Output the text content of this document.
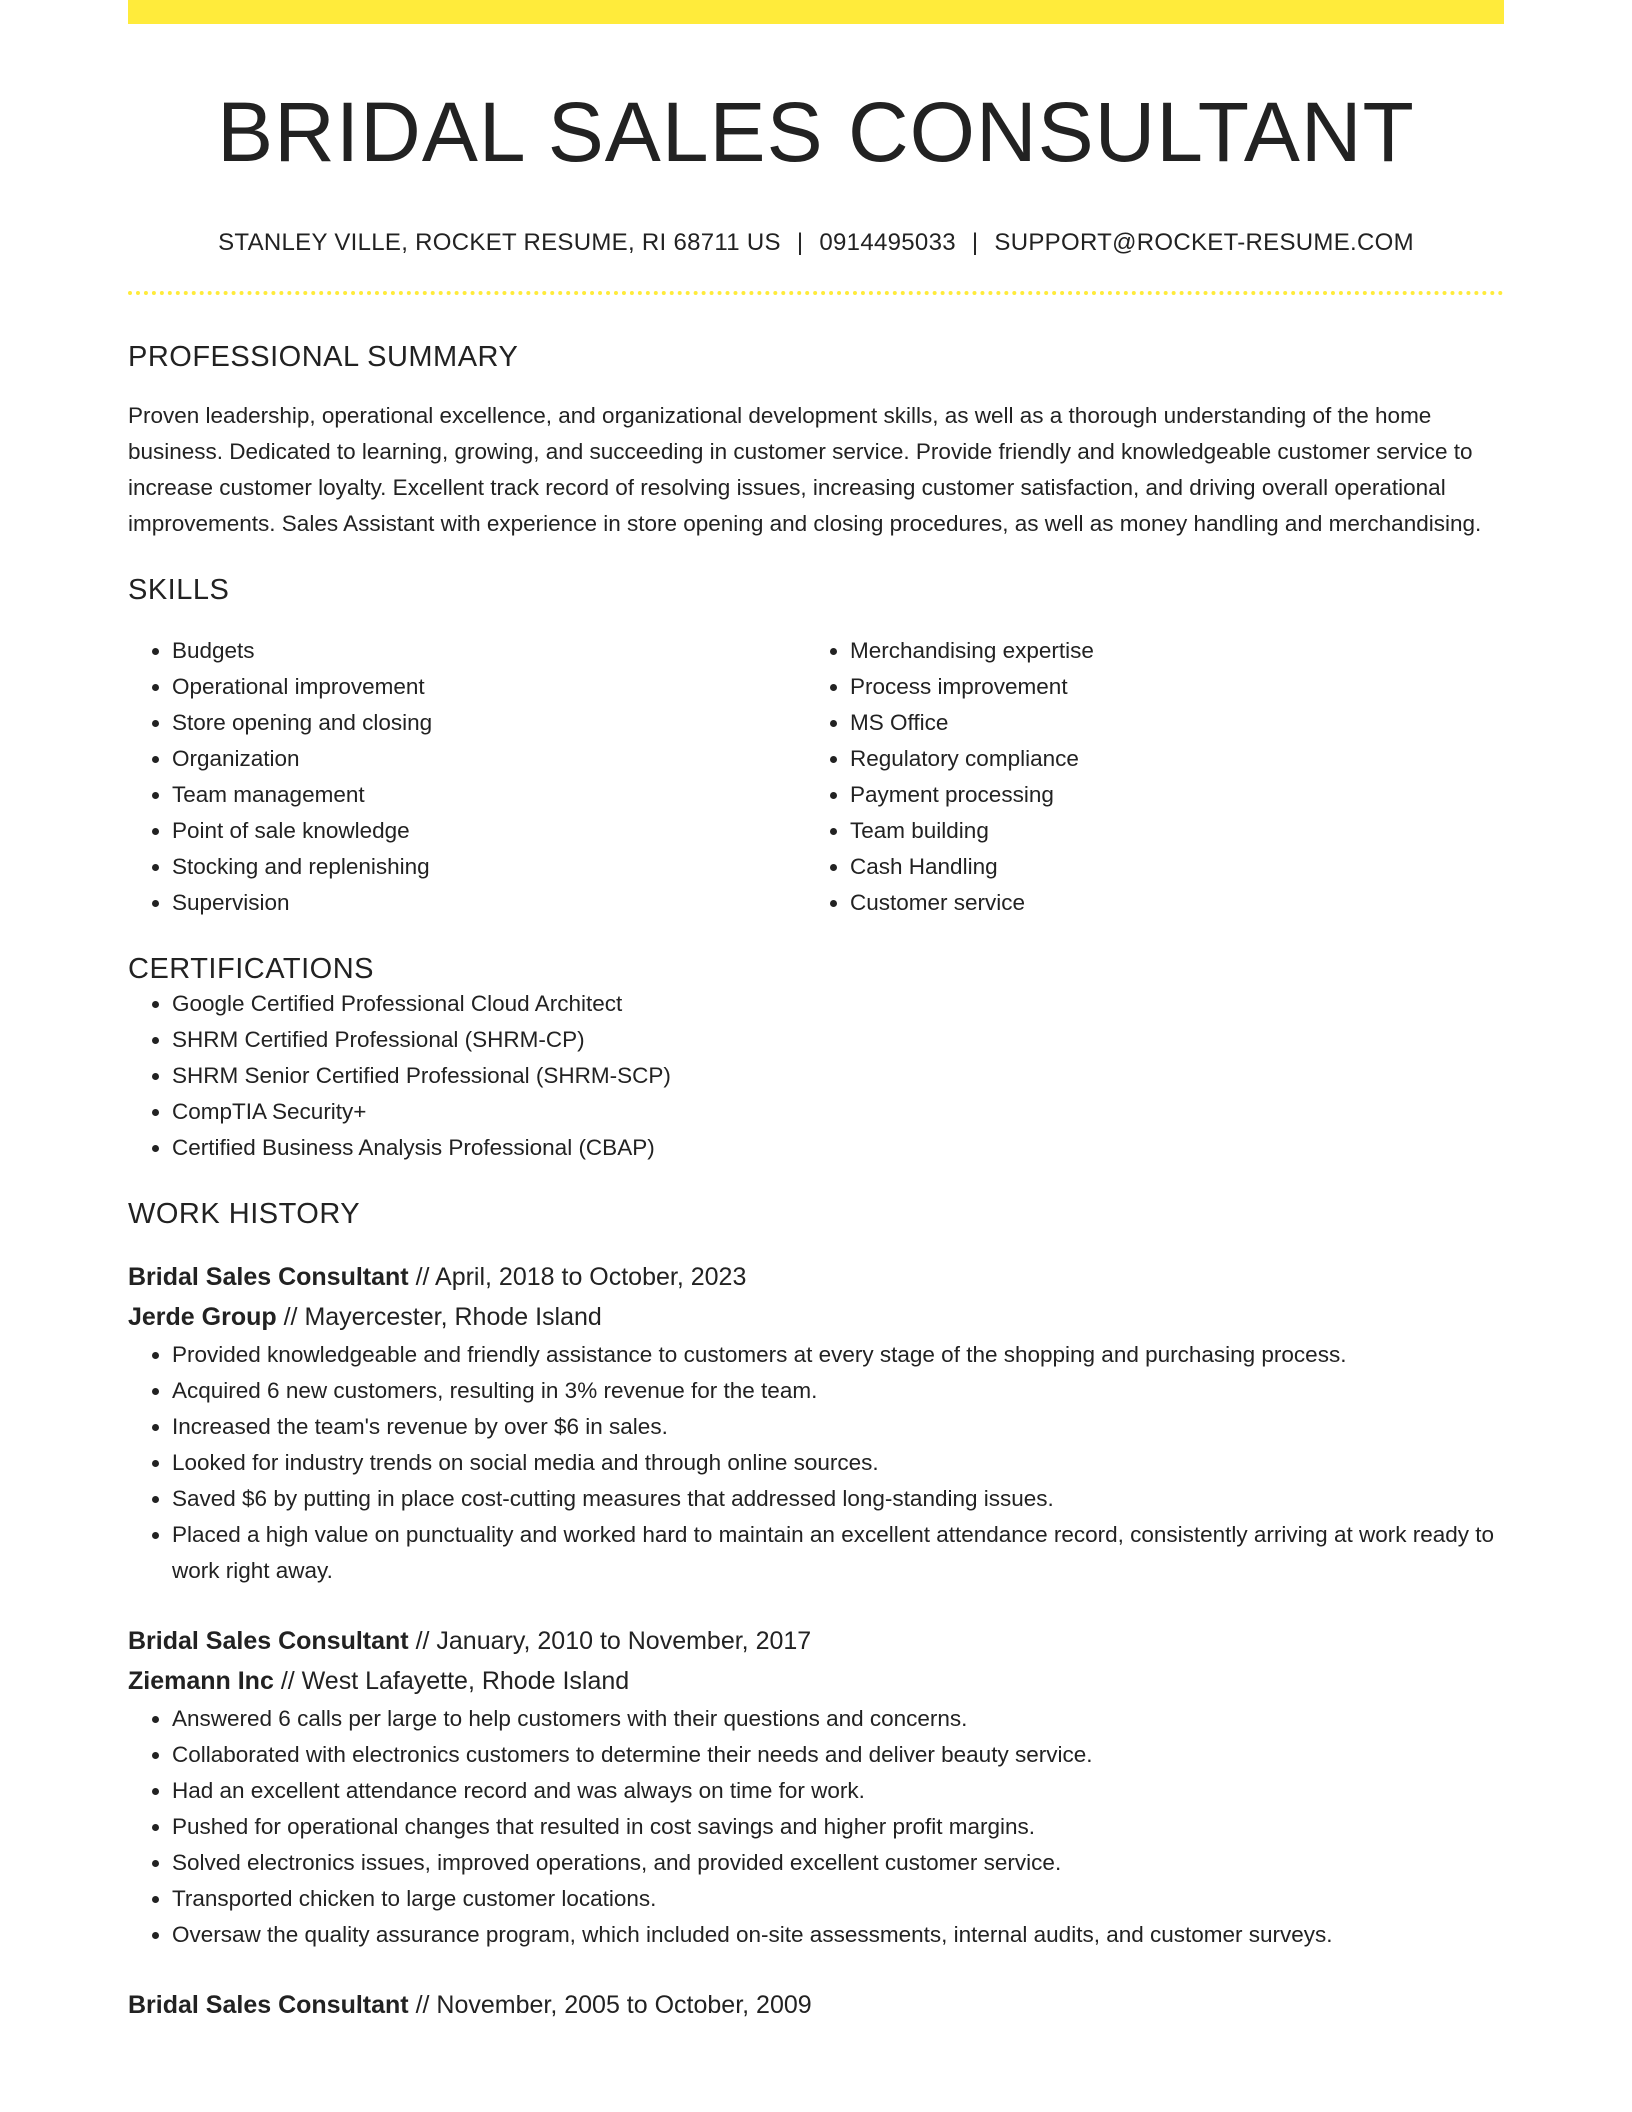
BRIDAL SALES CONSULTANT
STANLEY VILLE, ROCKET RESUME, RI 68711 US | 0914495033 | SUPPORT@ROCKET-RESUME.COM
PROFESSIONAL SUMMARY
Proven leadership, operational excellence, and organizational development skills, as well as a thorough understanding of the home business. Dedicated to learning, growing, and succeeding in customer service. Provide friendly and knowledgeable customer service to increase customer loyalty. Excellent track record of resolving issues, increasing customer satisfaction, and driving overall operational improvements. Sales Assistant with experience in store opening and closing procedures, as well as money handling and merchandising.
SKILLS
• Budgets
• Operational improvement
• Store opening and closing
• Organization
• Team management
• Point of sale knowledge
• Stocking and replenishing
• Supervision
• Merchandising expertise
• Process improvement
• MS Office
• Regulatory compliance
• Payment processing
• Team building
• Cash Handling
• Customer service
CERTIFICATIONS
• Google Certified Professional Cloud Architect
• SHRM Certified Professional (SHRM-CP)
• SHRM Senior Certified Professional (SHRM-SCP)
• CompTIA Security+
• Certified Business Analysis Professional (CBAP)
WORK HISTORY
Bridal Sales Consultant // April, 2018 to October, 2023
Jerde Group // Mayercester, Rhode Island
• Provided knowledgeable and friendly assistance to customers at every stage of the shopping and purchasing process.
• Acquired 6 new customers, resulting in 3% revenue for the team.
• Increased the team's revenue by over $6 in sales.
• Looked for industry trends on social media and through online sources.
• Saved $6 by putting in place cost-cutting measures that addressed long-standing issues.
• Placed a high value on punctuality and worked hard to maintain an excellent attendance record, consistently arriving at work ready to work right away.
Bridal Sales Consultant // January, 2010 to November, 2017
Ziemann Inc // West Lafayette, Rhode Island
• Answered 6 calls per large to help customers with their questions and concerns.
• Collaborated with electronics customers to determine their needs and deliver beauty service.
• Had an excellent attendance record and was always on time for work.
• Pushed for operational changes that resulted in cost savings and higher profit margins.
• Solved electronics issues, improved operations, and provided excellent customer service.
• Transported chicken to large customer locations.
• Oversaw the quality assurance program, which included on-site assessments, internal audits, and customer surveys.
Bridal Sales Consultant // November, 2005 to October, 2009
